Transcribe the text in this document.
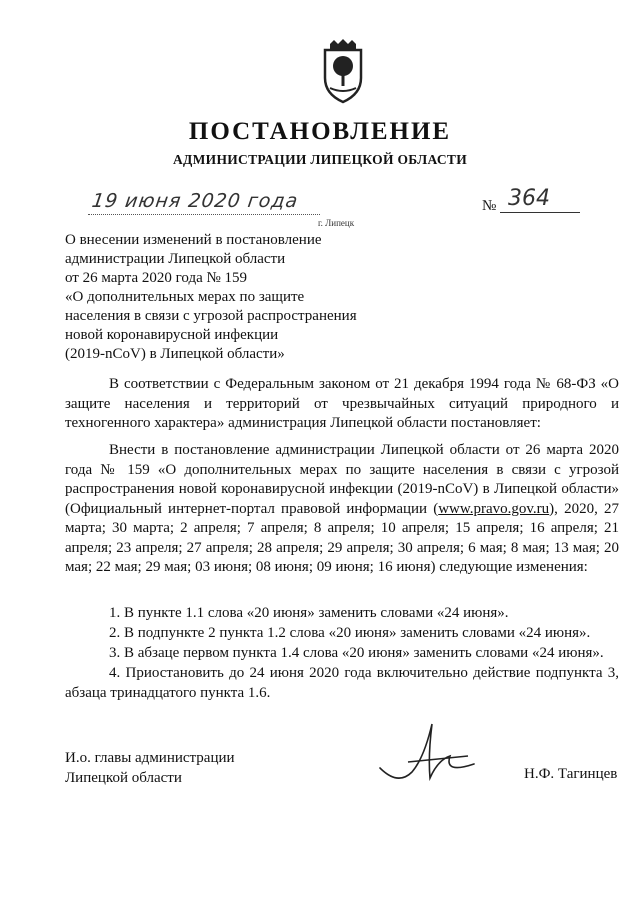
ПОСТАНОВЛЕНИЕ
АДМИНИСТРАЦИИ ЛИПЕЦКОЙ ОБЛАСТИ
19 июня 2020 года
г. Липецк
№ 364
О внесении изменений в постановление
администрации Липецкой области
от 26 марта 2020 года № 159
«О дополнительных мерах по защите
населения в связи с угрозой распространения
новой коронавирусной инфекции
(2019-nCoV) в Липецкой области»

В соответствии с Федеральным законом от 21 декабря 1994 года № 68-ФЗ «О защите населения и территорий от чрезвычайных ситуаций природного и техногенного характера» администрация Липецкой области постановляет:

Внести в постановление администрации Липецкой области от 26 марта 2020 года № 159 «О дополнительных мерах по защите населения в связи с угрозой распространения новой коронавирусной инфекции (2019-nCoV) в Липецкой области» (Официальный интернет-портал правовой информации (www.pravo.gov.ru), 2020, 27 марта; 30 марта; 2 апреля; 7 апреля; 8 апреля; 10 апреля; 15 апреля; 16 апреля; 21 апреля; 23 апреля; 27 апреля; 28 апреля; 29 апреля; 30 апреля; 6 мая; 8 мая; 13 мая; 20 мая; 22 мая; 29 мая; 03 июня; 08 июня; 09 июня; 16 июня) следующие изменения:

1. В пункте 1.1 слова «20 июня» заменить словами «24 июня».
2. В подпункте 2 пункта 1.2 слова «20 июня» заменить словами «24 июня».
3. В абзаце первом пункта 1.4 слова «20 июня» заменить словами «24 июня».
4. Приостановить до 24 июня 2020 года включительно действие подпункта 3, абзаца тринадцатого пункта 1.6.
И.о. главы администрации
Липецкой области	Н.Ф. Тагинцев
